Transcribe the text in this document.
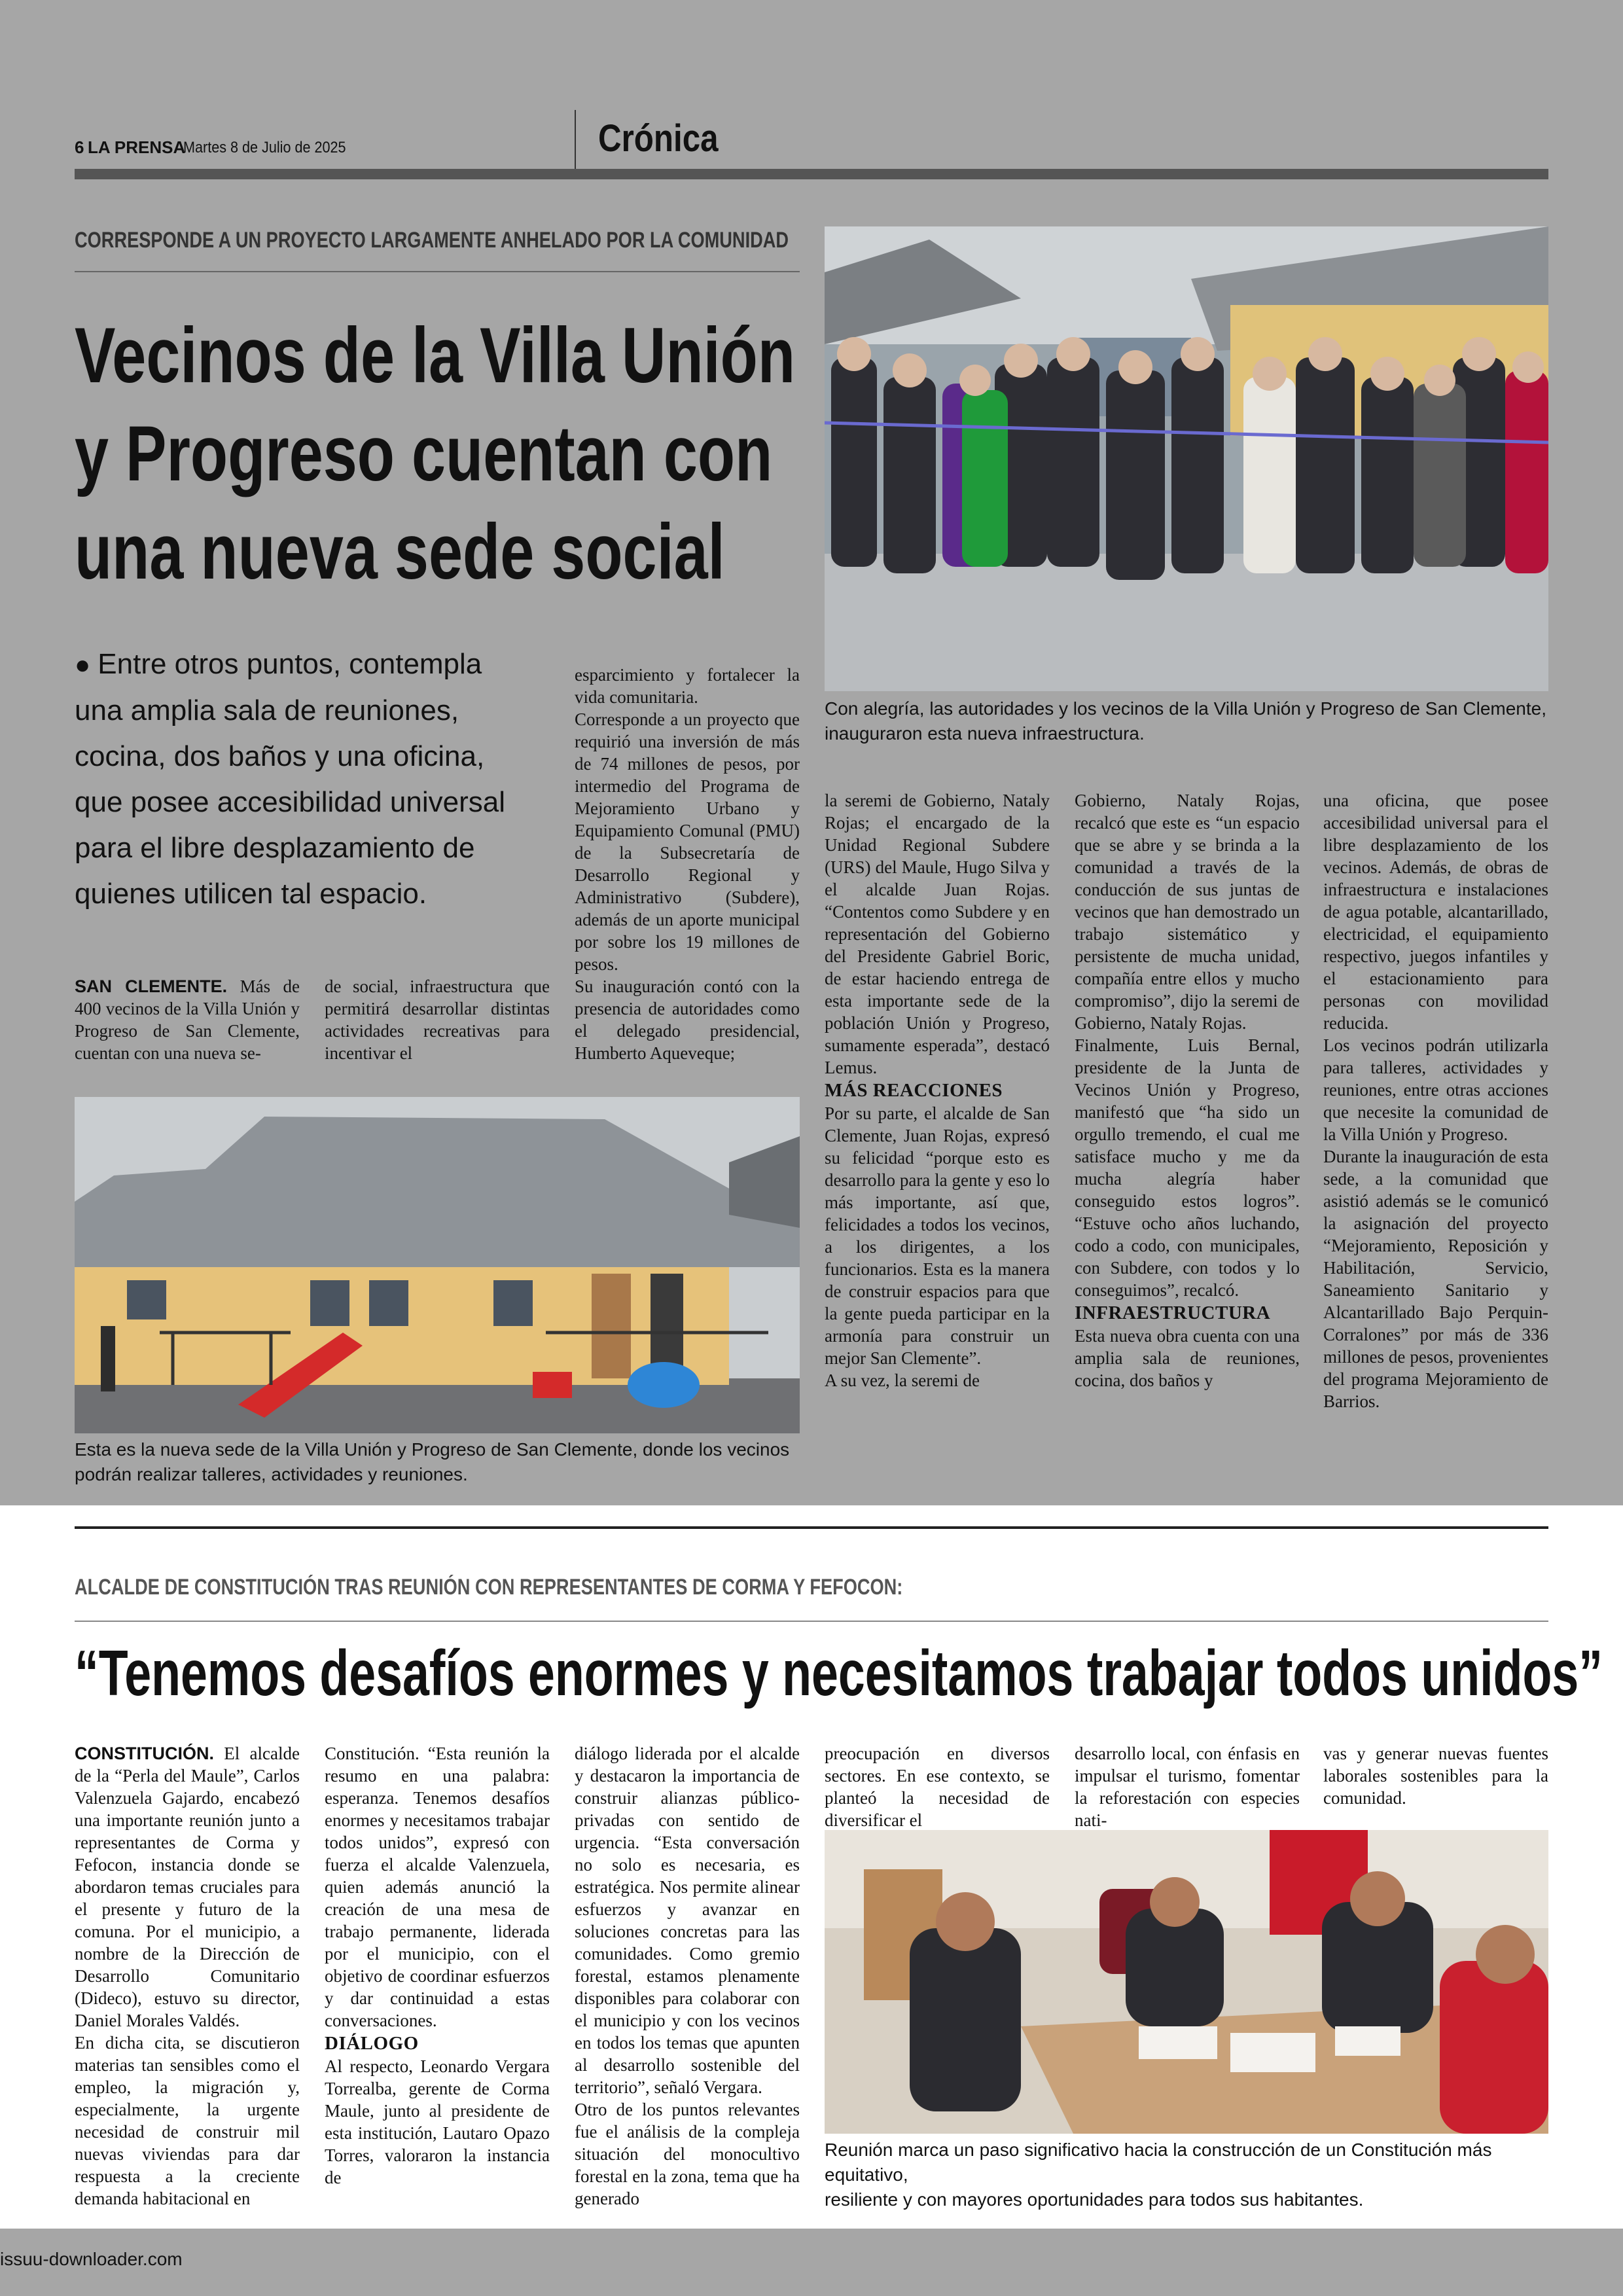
6 LA PRENSA
Martes 8 de Julio de 2025	Crónica
CORRESPONDE A UN PROYECTO LARGAMENTE ANHELADO POR LA COMUNIDAD
Vecinos de la Villa Unión
y Progreso cuentan con
una nueva sede social
● Entre otros puntos, contempla
una amplia sala de reuniones,
cocina, dos baños y una oficina,
que posee accesibilidad universal
para el libre desplazamiento de
quienes utilicen tal espacio.
Con alegría, las autoridades y los vecinos de la Villa Unión y Progreso de San Clemente,
inauguraron esta nueva infraestructura.

SAN CLEMENTE. Más de 400 vecinos de la Villa Unión y Progreso de San Clemente, cuentan con una nueva se-

de social, infraestructura que permitirá desarrollar distintas actividades recreativas para incentivar el

esparcimiento y fortalecer la vida comunitaria.

Corresponde a un proyecto que requirió una inversión de más de 74 millones de pesos, por intermedio del Programa de Mejoramiento Urbano y Equipamiento Comunal (PMU) de la Subsecretaría de Desarrollo Regional y Administrativo (Subdere), además de un aporte municipal por sobre los 19 millones de pesos.

Su inauguración contó con la presencia de autoridades como el delegado presidencial, Humberto Aqueveque;

Esta es la nueva sede de la Villa Unión y Progreso de San Clemente, donde los vecinos
podrán realizar talleres, actividades y reuniones.

la seremi de Gobierno, Nataly Rojas; el encargado de la Unidad Regional Subdere (URS) del Maule, Hugo Silva y el alcalde Juan Rojas. “Contentos como Subdere y en representación del Gobierno del Presidente Gabriel Boric, de estar haciendo entrega de esta importante sede de la población Unión y Progreso, sumamente esperada”, destacó Lemus.

MÁS REACCIONES

Por su parte, el alcalde de San Clemente, Juan Rojas, expresó su felicidad “porque esto es desarrollo para la gente y eso lo más importante, así que, felicidades a todos los vecinos, a los dirigentes, a los funcionarios. Esta es la manera de construir espacios para que la gente pueda participar en la armonía para construir un mejor San Clemente”.

A su vez, la seremi de

Gobierno, Nataly Rojas, recalcó que este es “un espacio que se abre y se brinda a la comunidad a través de la conducción de sus juntas de vecinos que han demostrado un trabajo sistemático y persistente de mucha unidad, compañía entre ellos y mucho compromiso”, dijo la seremi de Gobierno, Nataly Rojas.

Finalmente, Luis Bernal, presidente de la Junta de Vecinos Unión y Progreso, manifestó que “ha sido un orgullo tremendo, el cual me satisface mucho y me da mucha alegría haber conseguido estos logros”. “Estuve ocho años luchando, codo a codo, con municipales, con Subdere, con todos y lo conseguimos”, recalcó.

INFRAESTRUCTURA

Esta nueva obra cuenta con una amplia sala de reuniones, cocina, dos baños y

una oficina, que posee accesibilidad universal para el libre desplazamiento de los vecinos. Además, de obras de infraestructura e instalaciones de agua potable, alcantarillado, electricidad, el equipamiento respectivo, juegos infantiles y el estacionamiento para personas con movilidad reducida.

Los vecinos podrán utilizarla para talleres, actividades y reuniones, entre otras acciones que necesite la comunidad de la Villa Unión y Progreso.

Durante la inauguración de esta sede, a la comunidad que asistió además se le comunicó la asignación del proyecto “Mejoramiento, Reposición y Habilitación, Servicio, Saneamiento Sanitario y Alcantarillado Bajo Perquin-Corralones” por más de 336 millones de pesos, provenientes del programa Mejoramiento de Barrios.

ALCALDE DE CONSTITUCIÓN TRAS REUNIÓN CON REPRESENTANTES DE CORMA Y FEFOCON:
“Tenemos desafíos enormes y necesitamos trabajar todos unidos”

CONSTITUCIÓN. El alcalde de la “Perla del Maule”, Carlos Valenzuela Gajardo, encabezó una importante reunión junto a representantes de Corma y Fefocon, instancia donde se abordaron temas cruciales para el presente y futuro de la comuna. Por el municipio, a nombre de la Dirección de Desarrollo Comunitario (Dideco), estuvo su director, Daniel Morales Valdés.

En dicha cita, se discutieron materias tan sensibles como el empleo, la migración y, especialmente, la urgente necesidad de construir mil nuevas viviendas para dar respuesta a la creciente demanda habitacional en

Constitución. “Esta reunión la resumo en una palabra: esperanza. Tenemos desafíos enormes y necesitamos trabajar todos unidos”, expresó con fuerza el alcalde Valenzuela, quien además anunció la creación de una mesa de trabajo permanente, liderada por el municipio, con el objetivo de coordinar esfuerzos y dar continuidad a estas conversaciones.

DIÁLOGO

Al respecto, Leonardo Vergara Torrealba, gerente de Corma Maule, junto al presidente de esta institución, Lautaro Opazo Torres, valoraron la instancia de

diálogo liderada por el alcalde y destacaron la importancia de construir alianzas público-privadas con sentido de urgencia. “Esta conversación no solo es necesaria, es estratégica. Nos permite alinear esfuerzos y avanzar en soluciones concretas para las comunidades. Como gremio forestal, estamos plenamente disponibles para colaborar con el municipio y con los vecinos en todos los temas que apunten al desarrollo sostenible del territorio”, señaló Vergara.

Otro de los puntos relevantes fue el análisis de la compleja situación del monocultivo forestal en la zona, tema que ha generado

preocupación en diversos sectores. En ese contexto, se planteó la necesidad de diversificar el

desarrollo local, con énfasis en impulsar el turismo, fomentar la reforestación con especies nati-

vas y generar nuevas fuentes laborales sostenibles para la comunidad.

Reunión marca un paso significativo hacia la construcción de un Constitución más equitativo,
resiliente y con mayores oportunidades para todos sus habitantes.
issuu-downloader.com
